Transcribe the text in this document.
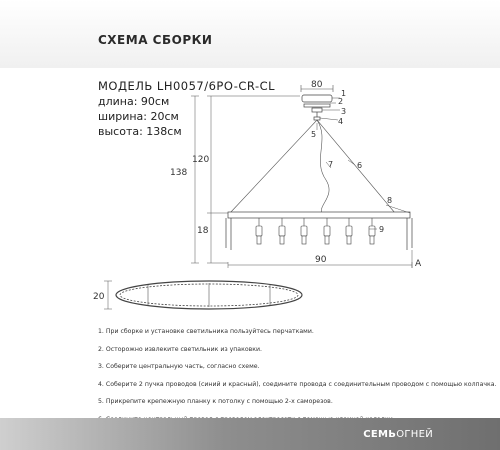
СХЕМА СБОРКИ
МОДЕЛЬ LH0057/6PO-CR-CL
длина: 90см
ширина: 20см
высота: 138см
80
1
2
3
4
5
7	6
138
120
18
8
9
90	A
20
1. При сборке и установке светильника пользуйтесь перчатками.
2. Осторожно извлеките светильник из упаковки.
3. Соберите центральную часть, согласно схеме.
4. Соберите 2 пучка проводов (синий и красный), соедините провода с соединительным проводом с помощью колпачка.
5. Прикрепите крепежную планку к потолку с помощью 2-х саморезов.
СЕМЬОГНЕЙ
